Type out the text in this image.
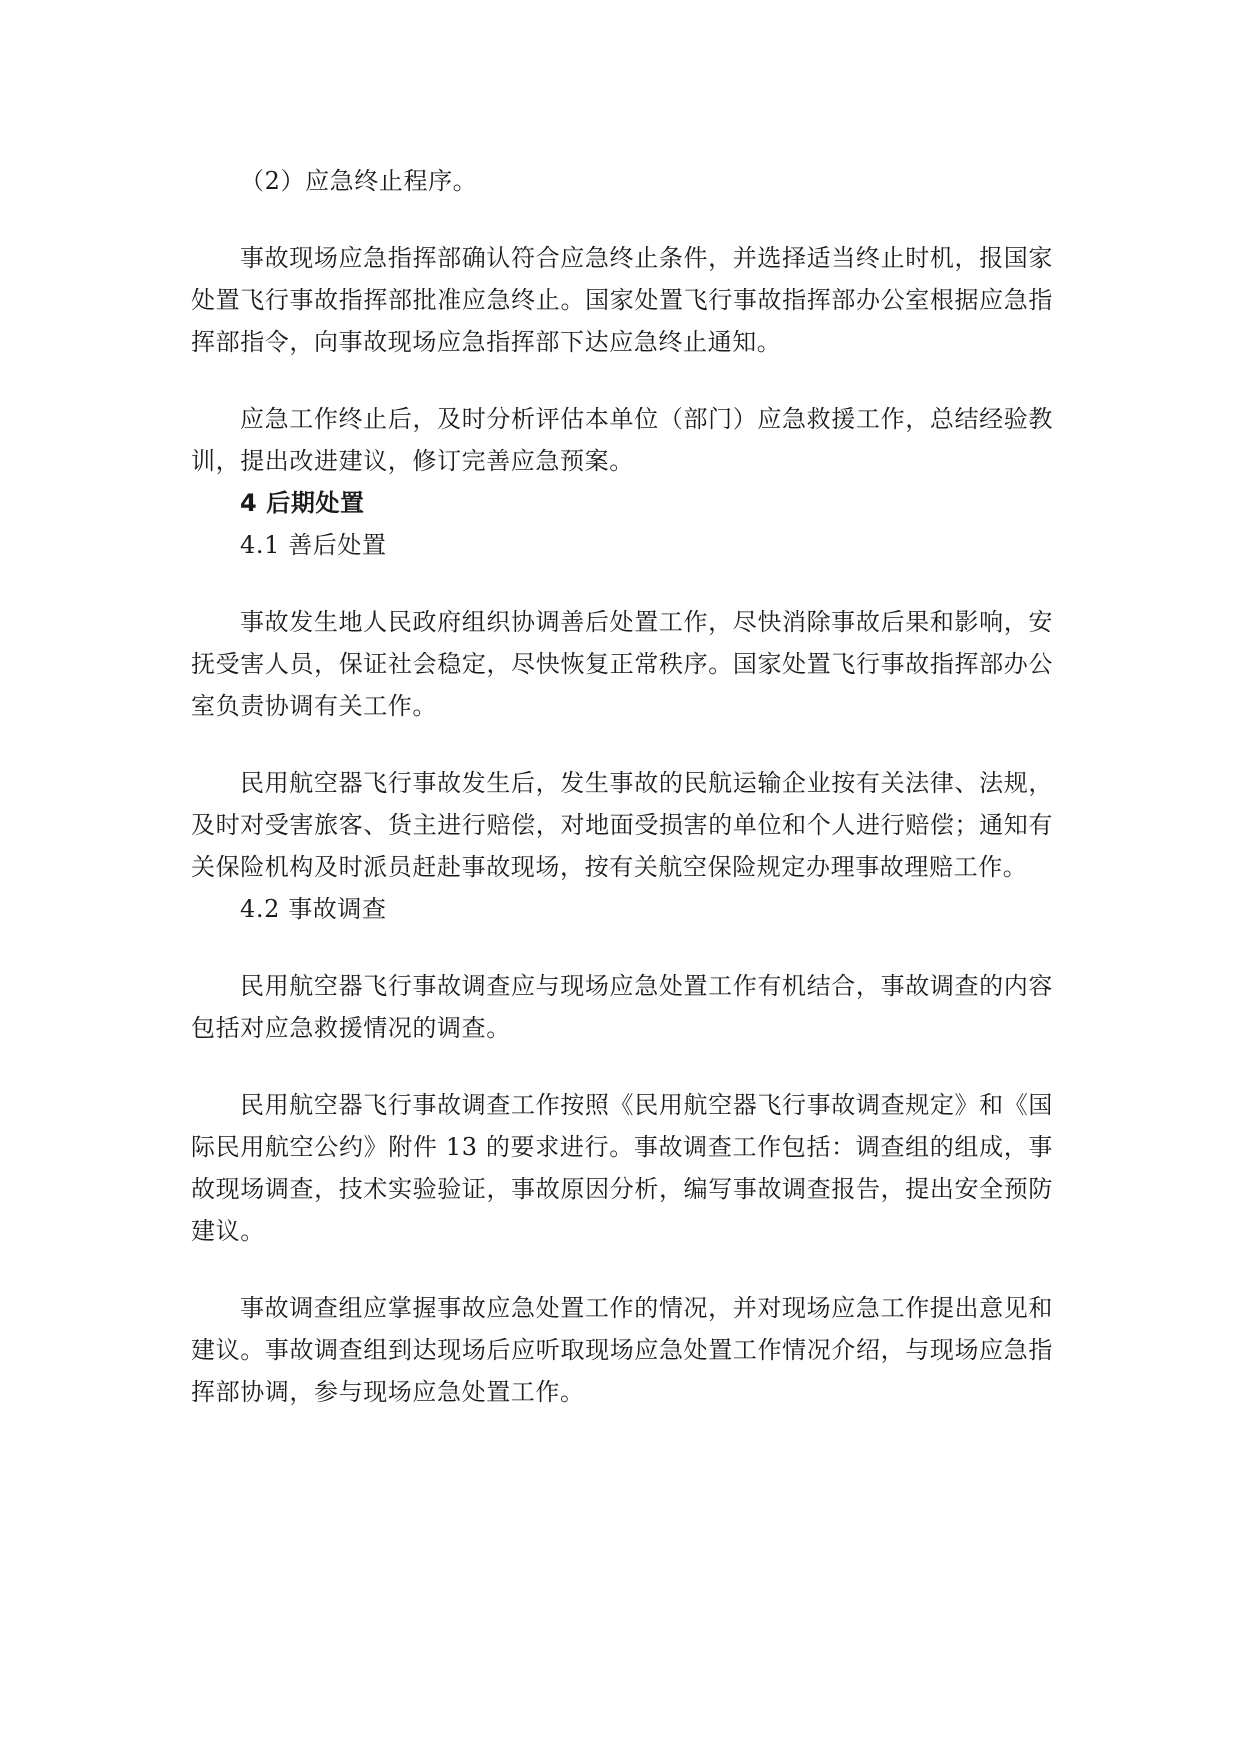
（2）应急终止程序。

事故现场应急指挥部确认符合应急终止条件，并选择适当终止时机，报国家处置飞行事故指挥部批准应急终止。国家处置飞行事故指挥部办公室根据应急指挥部指令，向事故现场应急指挥部下达应急终止通知。

应急工作终止后，及时分析评估本单位（部门）应急救援工作，总结经验教训，提出改进建议，修订完善应急预案。

4 后期处置

4.1 善后处置

事故发生地人民政府组织协调善后处置工作，尽快消除事故后果和影响，安抚受害人员，保证社会稳定，尽快恢复正常秩序。国家处置飞行事故指挥部办公室负责协调有关工作。

民用航空器飞行事故发生后，发生事故的民航运输企业按有关法律、法规，及时对受害旅客、货主进行赔偿，对地面受损害的单位和个人进行赔偿；通知有关保险机构及时派员赶赴事故现场，按有关航空保险规定办理事故理赔工作。

4.2 事故调查

民用航空器飞行事故调查应与现场应急处置工作有机结合，事故调查的内容包括对应急救援情况的调查。

民用航空器飞行事故调查工作按照《民用航空器飞行事故调查规定》和《国际民用航空公约》附件 13 的要求进行。事故调查工作包括：调查组的组成，事故现场调查，技术实验验证，事故原因分析，编写事故调查报告，提出安全预防建议。

事故调查组应掌握事故应急处置工作的情况，并对现场应急工作提出意见和建议。事故调查组到达现场后应听取现场应急处置工作情况介绍，与现场应急指挥部协调，参与现场应急处置工作。
